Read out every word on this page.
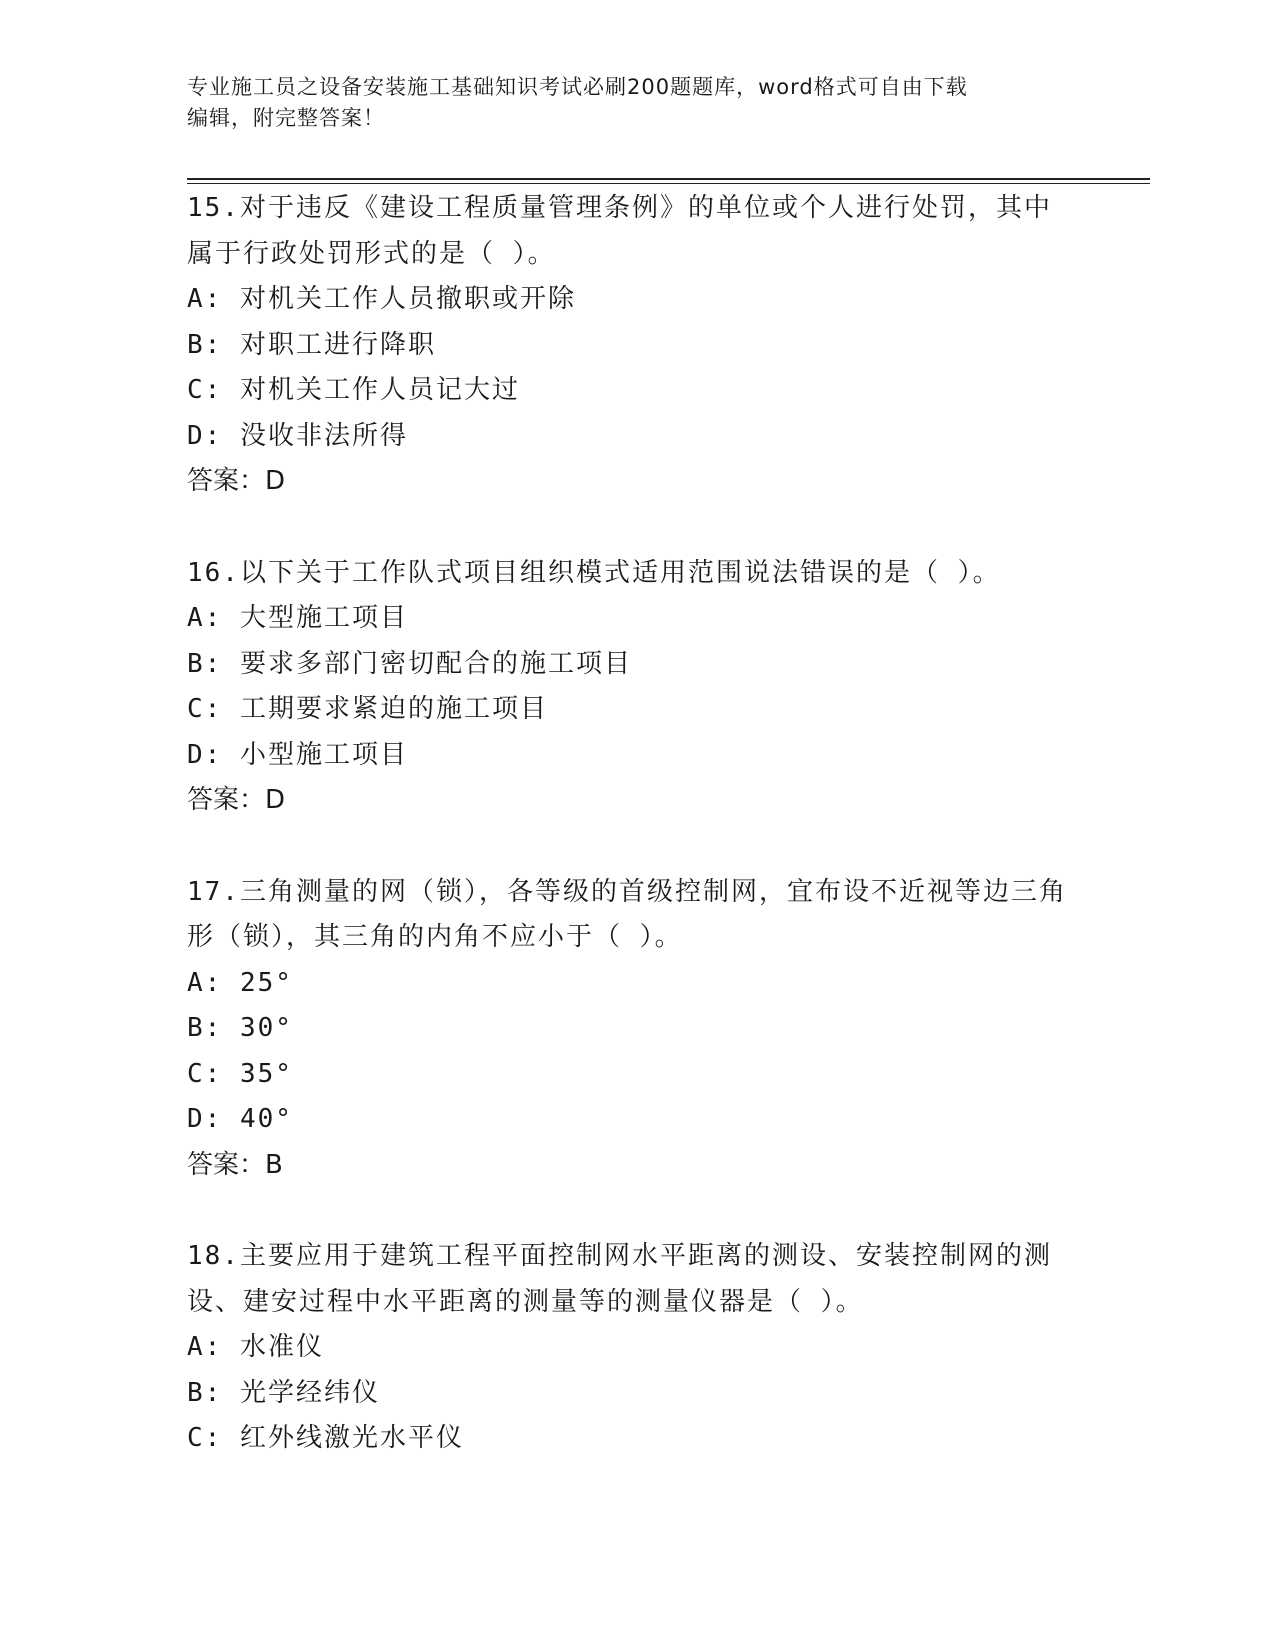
专业施工员之设备安装施工基础知识考试必刷200题题库，word格式可自由下载
编辑，附完整答案！

15.对于违反《建设工程质量管理条例》的单位或个人进行处罚，其中属于行政处罚形式的是（ ）。

A: 对机关工作人员撤职或开除

B: 对职工进行降职

C: 对机关工作人员记大过

D: 没收非法所得

答案：D

16.以下关于工作队式项目组织模式适用范围说法错误的是（ ）。

A: 大型施工项目

B: 要求多部门密切配合的施工项目

C: 工期要求紧迫的施工项目

D: 小型施工项目

答案：D

17.三角测量的网（锁），各等级的首级控制网，宜布设不近视等边三角形（锁），其三角的内角不应小于（ ）。

A: 25°

B: 30°

C: 35°

D: 40°

答案：B

18.主要应用于建筑工程平面控制网水平距离的测设、安装控制网的测设、建安过程中水平距离的测量等的测量仪器是（ ）。

A: 水准仪

B: 光学经纬仪

C: 红外线激光水平仪
